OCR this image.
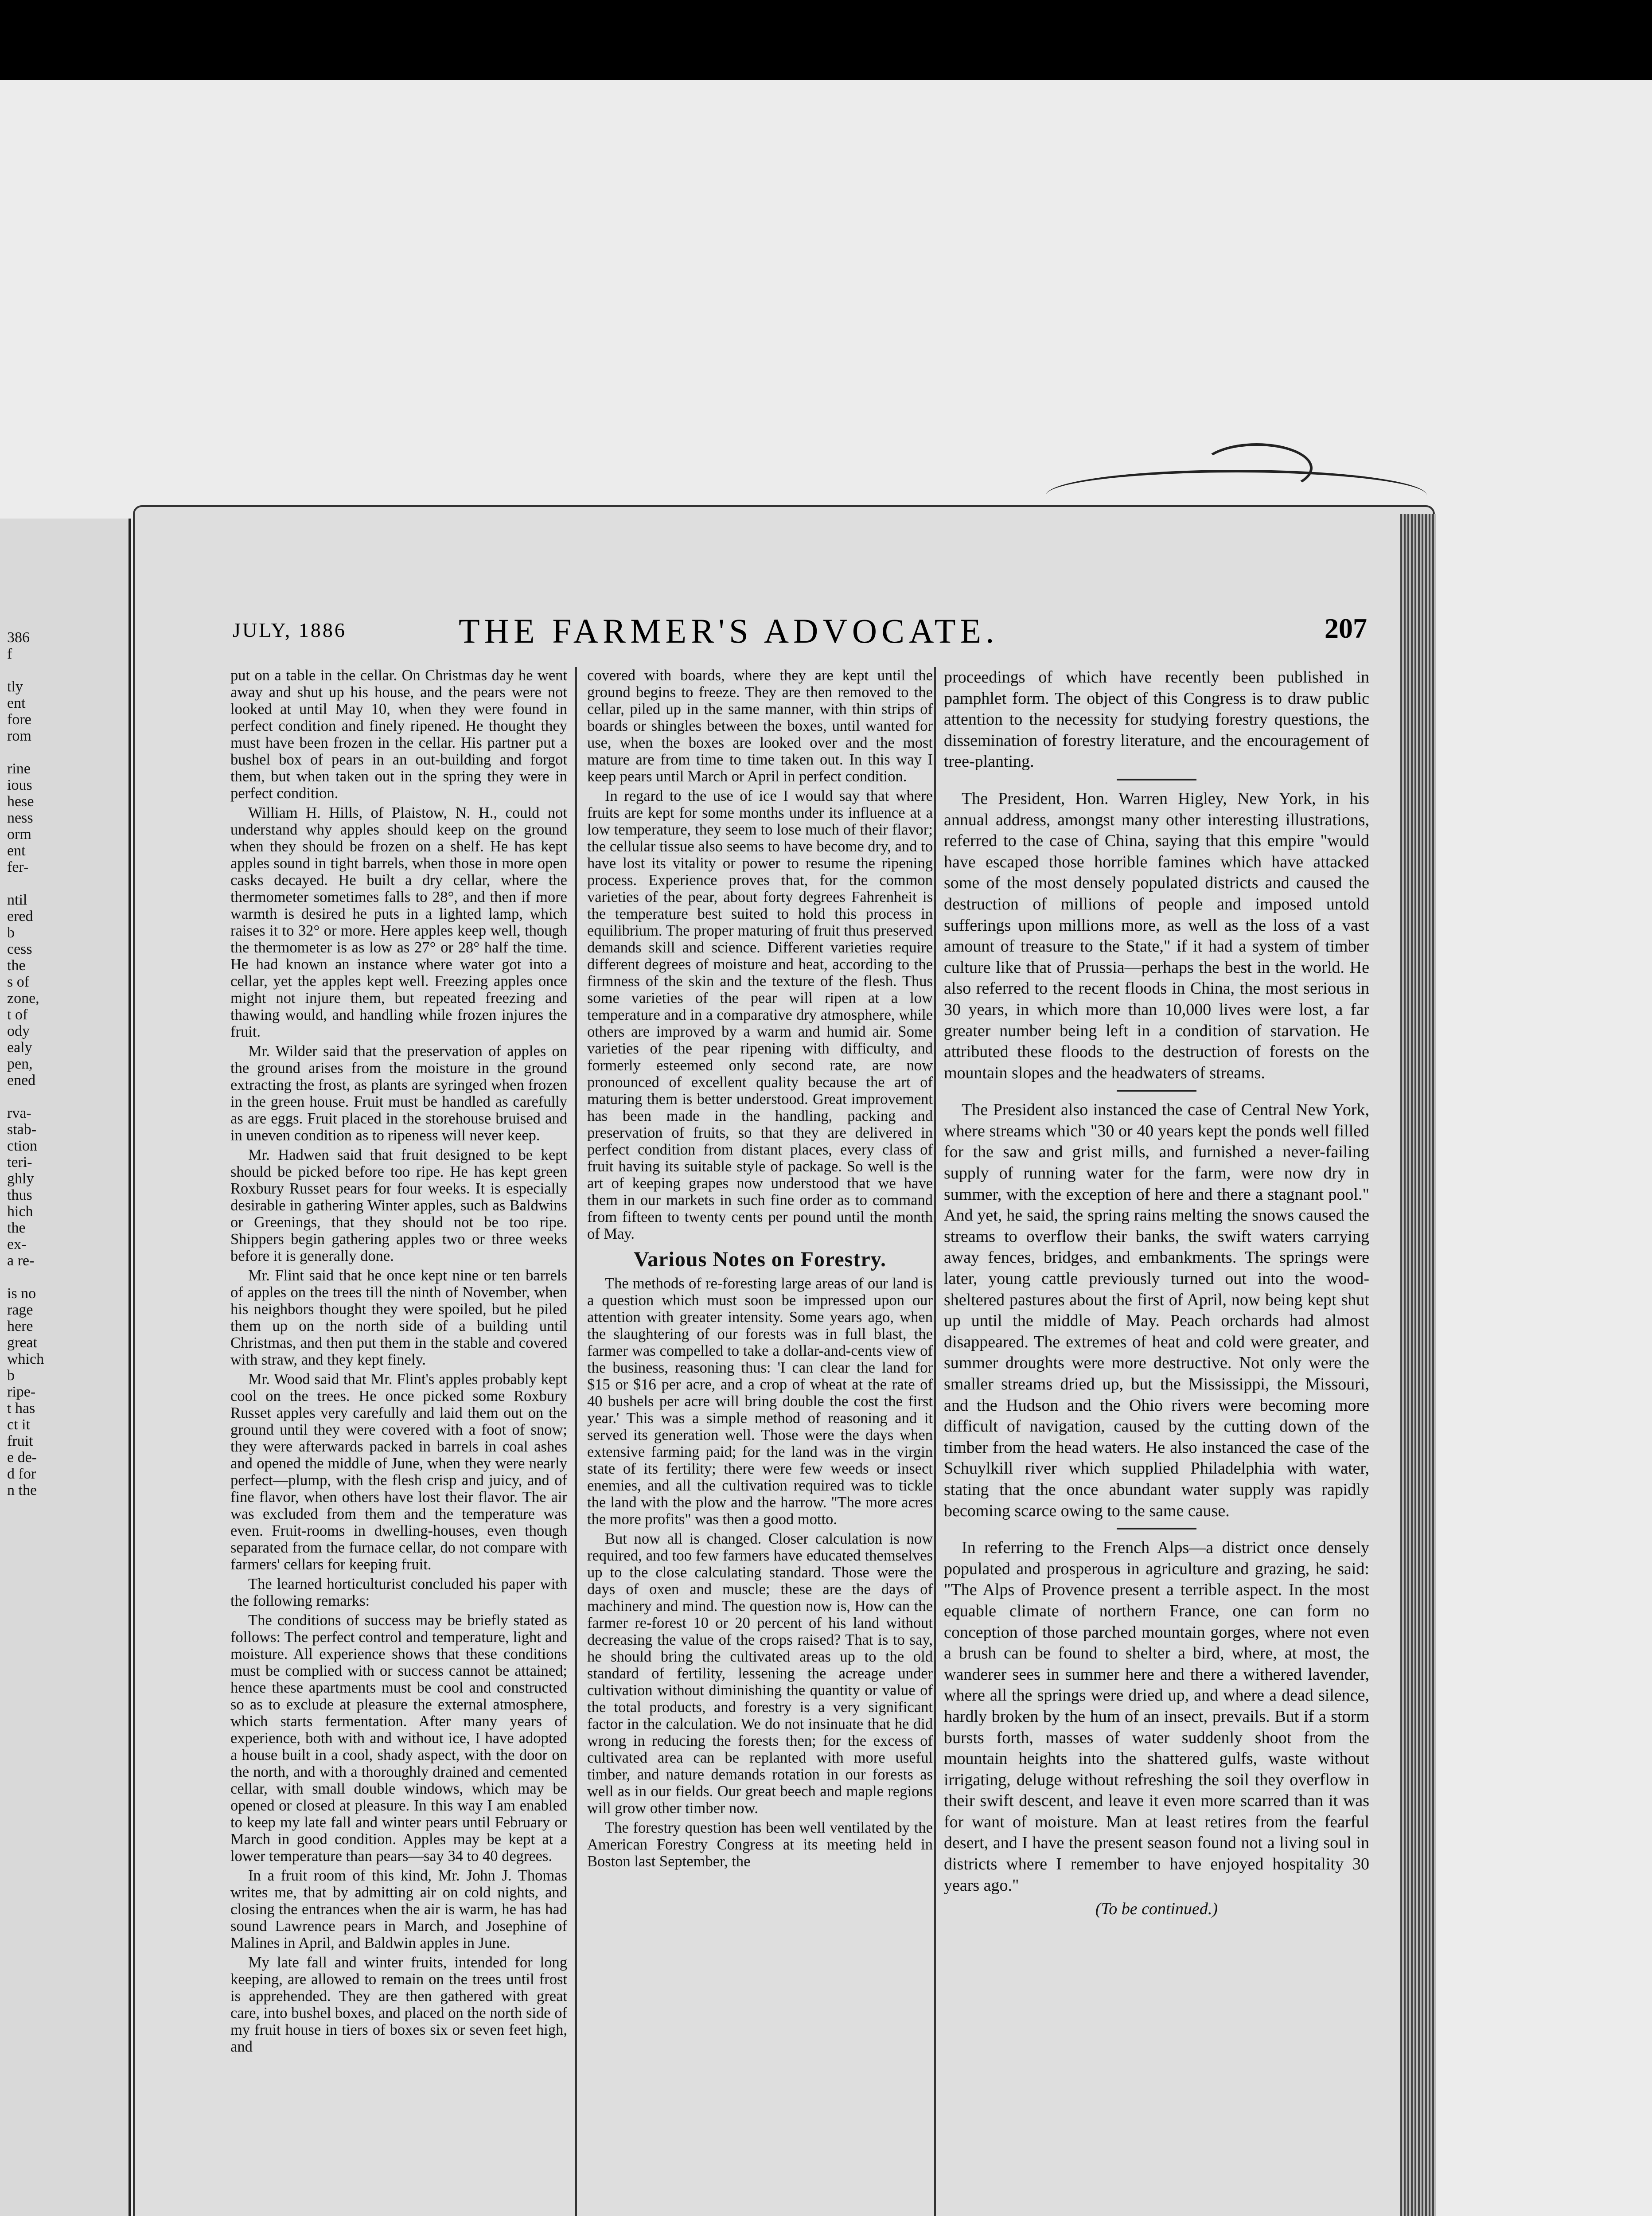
386
f

tly
ent
fore
rom

rine
ious
hese
ness
orm
ent
fer-

ntil
ered
b
cess
the
s of
zone,
t of
ody
ealy
pen,
ened

rva-
stab-
ction
teri-
ghly
thus
hich
the
ex-
a re-

is no
rage
here
great
which
b
ripe-
t has
ct it
fruit
e de-
d for
n the
JULY, 1886	THE FARMER'S ADVOCATE.	207

put on a table in the cellar. On Christmas day he went away and shut up his house, and the pears were not looked at until May 10, when they were found in perfect condition and finely ripened. He thought they must have been frozen in the cellar. His partner put a bushel box of pears in an out-building and forgot them, but when taken out in the spring they were in perfect condition.

William H. Hills, of Plaistow, N. H., could not understand why apples should keep on the ground when they should be frozen on a shelf. He has kept apples sound in tight barrels, when those in more open casks decayed. He built a dry cellar, where the thermometer sometimes falls to 28°, and then if more warmth is desired he puts in a lighted lamp, which raises it to 32° or more. Here apples keep well, though the thermometer is as low as 27° or 28° half the time. He had known an instance where water got into a cellar, yet the apples kept well. Freezing apples once might not injure them, but repeated freezing and thawing would, and handling while frozen injures the fruit.

Mr. Wilder said that the preservation of apples on the ground arises from the moisture in the ground extracting the frost, as plants are syringed when frozen in the green house. Fruit must be handled as carefully as are eggs. Fruit placed in the storehouse bruised and in uneven condition as to ripeness will never keep.

Mr. Hadwen said that fruit designed to be kept should be picked before too ripe. He has kept green Roxbury Russet pears for four weeks. It is especially desirable in gathering Winter apples, such as Baldwins or Greenings, that they should not be too ripe. Shippers begin gathering apples two or three weeks before it is generally done.

Mr. Flint said that he once kept nine or ten barrels of apples on the trees till the ninth of November, when his neighbors thought they were spoiled, but he piled them up on the north side of a building until Christmas, and then put them in the stable and covered with straw, and they kept finely.

Mr. Wood said that Mr. Flint's apples probably kept cool on the trees. He once picked some Roxbury Russet apples very carefully and laid them out on the ground until they were covered with a foot of snow; they were afterwards packed in barrels in coal ashes and opened the middle of June, when they were nearly perfect—plump, with the flesh crisp and juicy, and of fine flavor, when others have lost their flavor. The air was excluded from them and the temperature was even. Fruit-rooms in dwelling-houses, even though separated from the furnace cellar, do not compare with farmers' cellars for keeping fruit.

The learned horticulturist concluded his paper with the following remarks:

The conditions of success may be briefly stated as follows: The perfect control and temperature, light and moisture. All experience shows that these conditions must be complied with or success cannot be attained; hence these apartments must be cool and constructed so as to exclude at pleasure the external atmosphere, which starts fermentation. After many years of experience, both with and without ice, I have adopted a house built in a cool, shady aspect, with the door on the north, and with a thoroughly drained and cemented cellar, with small double windows, which may be opened or closed at pleasure. In this way I am enabled to keep my late fall and winter pears until February or March in good condition. Apples may be kept at a lower temperature than pears—say 34 to 40 degrees.

In a fruit room of this kind, Mr. John J. Thomas writes me, that by admitting air on cold nights, and closing the entrances when the air is warm, he has had sound Lawrence pears in March, and Josephine of Malines in April, and Baldwin apples in June.

My late fall and winter fruits, intended for long keeping, are allowed to remain on the trees until frost is apprehended. They are then gathered with great care, into bushel boxes, and placed on the north side of my fruit house in tiers of boxes six or seven feet high, and

covered with boards, where they are kept until the ground begins to freeze. They are then removed to the cellar, piled up in the same manner, with thin strips of boards or shingles between the boxes, until wanted for use, when the boxes are looked over and the most mature are from time to time taken out. In this way I keep pears until March or April in perfect condition.

In regard to the use of ice I would say that where fruits are kept for some months under its influence at a low temperature, they seem to lose much of their flavor; the cellular tissue also seems to have become dry, and to have lost its vitality or power to resume the ripening process. Experience proves that, for the common varieties of the pear, about forty degrees Fahrenheit is the temperature best suited to hold this process in equilibrium. The proper maturing of fruit thus preserved demands skill and science. Different varieties require different degrees of moisture and heat, according to the firmness of the skin and the texture of the flesh. Thus some varieties of the pear will ripen at a low temperature and in a comparative dry atmosphere, while others are improved by a warm and humid air. Some varieties of the pear ripening with difficulty, and formerly esteemed only second rate, are now pronounced of excellent quality because the art of maturing them is better understood. Great improvement has been made in the handling, packing and preservation of fruits, so that they are delivered in perfect condition from distant places, every class of fruit having its suitable style of package. So well is the art of keeping grapes now understood that we have them in our markets in such fine order as to command from fifteen to twenty cents per pound until the month of May.

Various Notes on Forestry.

The methods of re-foresting large areas of our land is a question which must soon be impressed upon our attention with greater intensity. Some years ago, when the slaughtering of our forests was in full blast, the farmer was compelled to take a dollar-and-cents view of the business, reasoning thus: 'I can clear the land for $15 or $16 per acre, and a crop of wheat at the rate of 40 bushels per acre will bring double the cost the first year.' This was a simple method of reasoning and it served its generation well. Those were the days when extensive farming paid; for the land was in the virgin state of its fertility; there were few weeds or insect enemies, and all the cultivation required was to tickle the land with the plow and the harrow. "The more acres the more profits" was then a good motto.

But now all is changed. Closer calculation is now required, and too few farmers have educated themselves up to the close calculating standard. Those were the days of oxen and muscle; these are the days of machinery and mind. The question now is, How can the farmer re-forest 10 or 20 percent of his land without decreasing the value of the crops raised? That is to say, he should bring the cultivated areas up to the old standard of fertility, lessening the acreage under cultivation without diminishing the quantity or value of the total products, and forestry is a very significant factor in the calculation. We do not insinuate that he did wrong in reducing the forests then; for the excess of cultivated area can be replanted with more useful timber, and nature demands rotation in our forests as well as in our fields. Our great beech and maple regions will grow other timber now.

The forestry question has been well ventilated by the American Forestry Congress at its meeting held in Boston last September, the

proceedings of which have recently been published in pamphlet form. The object of this Congress is to draw public attention to the necessity for studying forestry questions, the dissemination of forestry literature, and the encouragement of tree-planting.

The President, Hon. Warren Higley, New York, in his annual address, amongst many other interesting illustrations, referred to the case of China, saying that this empire "would have escaped those horrible famines which have attacked some of the most densely populated districts and caused the destruction of millions of people and imposed untold sufferings upon millions more, as well as the loss of a vast amount of treasure to the State," if it had a system of timber culture like that of Prussia—perhaps the best in the world. He also referred to the recent floods in China, the most serious in 30 years, in which more than 10,000 lives were lost, a far greater number being left in a condition of starvation. He attributed these floods to the destruction of forests on the mountain slopes and the headwaters of streams.

The President also instanced the case of Central New York, where streams which "30 or 40 years kept the ponds well filled for the saw and grist mills, and furnished a never-failing supply of running water for the farm, were now dry in summer, with the exception of here and there a stagnant pool." And yet, he said, the spring rains melting the snows caused the streams to overflow their banks, the swift waters carrying away fences, bridges, and embankments. The springs were later, young cattle previously turned out into the wood-sheltered pastures about the first of April, now being kept shut up until the middle of May. Peach orchards had almost disappeared. The extremes of heat and cold were greater, and summer droughts were more destructive. Not only were the smaller streams dried up, but the Mississippi, the Missouri, and the Hudson and the Ohio rivers were becoming more difficult of navigation, caused by the cutting down of the timber from the head waters. He also instanced the case of the Schuylkill river which supplied Philadelphia with water, stating that the once abundant water supply was rapidly becoming scarce owing to the same cause.

In referring to the French Alps—a district once densely populated and prosperous in agriculture and grazing, he said: "The Alps of Provence present a terrible aspect. In the most equable climate of northern France, one can form no conception of those parched mountain gorges, where not even a brush can be found to shelter a bird, where, at most, the wanderer sees in summer here and there a withered lavender, where all the springs were dried up, and where a dead silence, hardly broken by the hum of an insect, prevails. But if a storm bursts forth, masses of water suddenly shoot from the mountain heights into the shattered gulfs, waste without irrigating, deluge without refreshing the soil they overflow in their swift descent, and leave it even more scarred than it was for want of moisture. Man at least retires from the fearful desert, and I have the present season found not a living soul in districts where I remember to have enjoyed hospitality 30 years ago."

(To be continued.)
